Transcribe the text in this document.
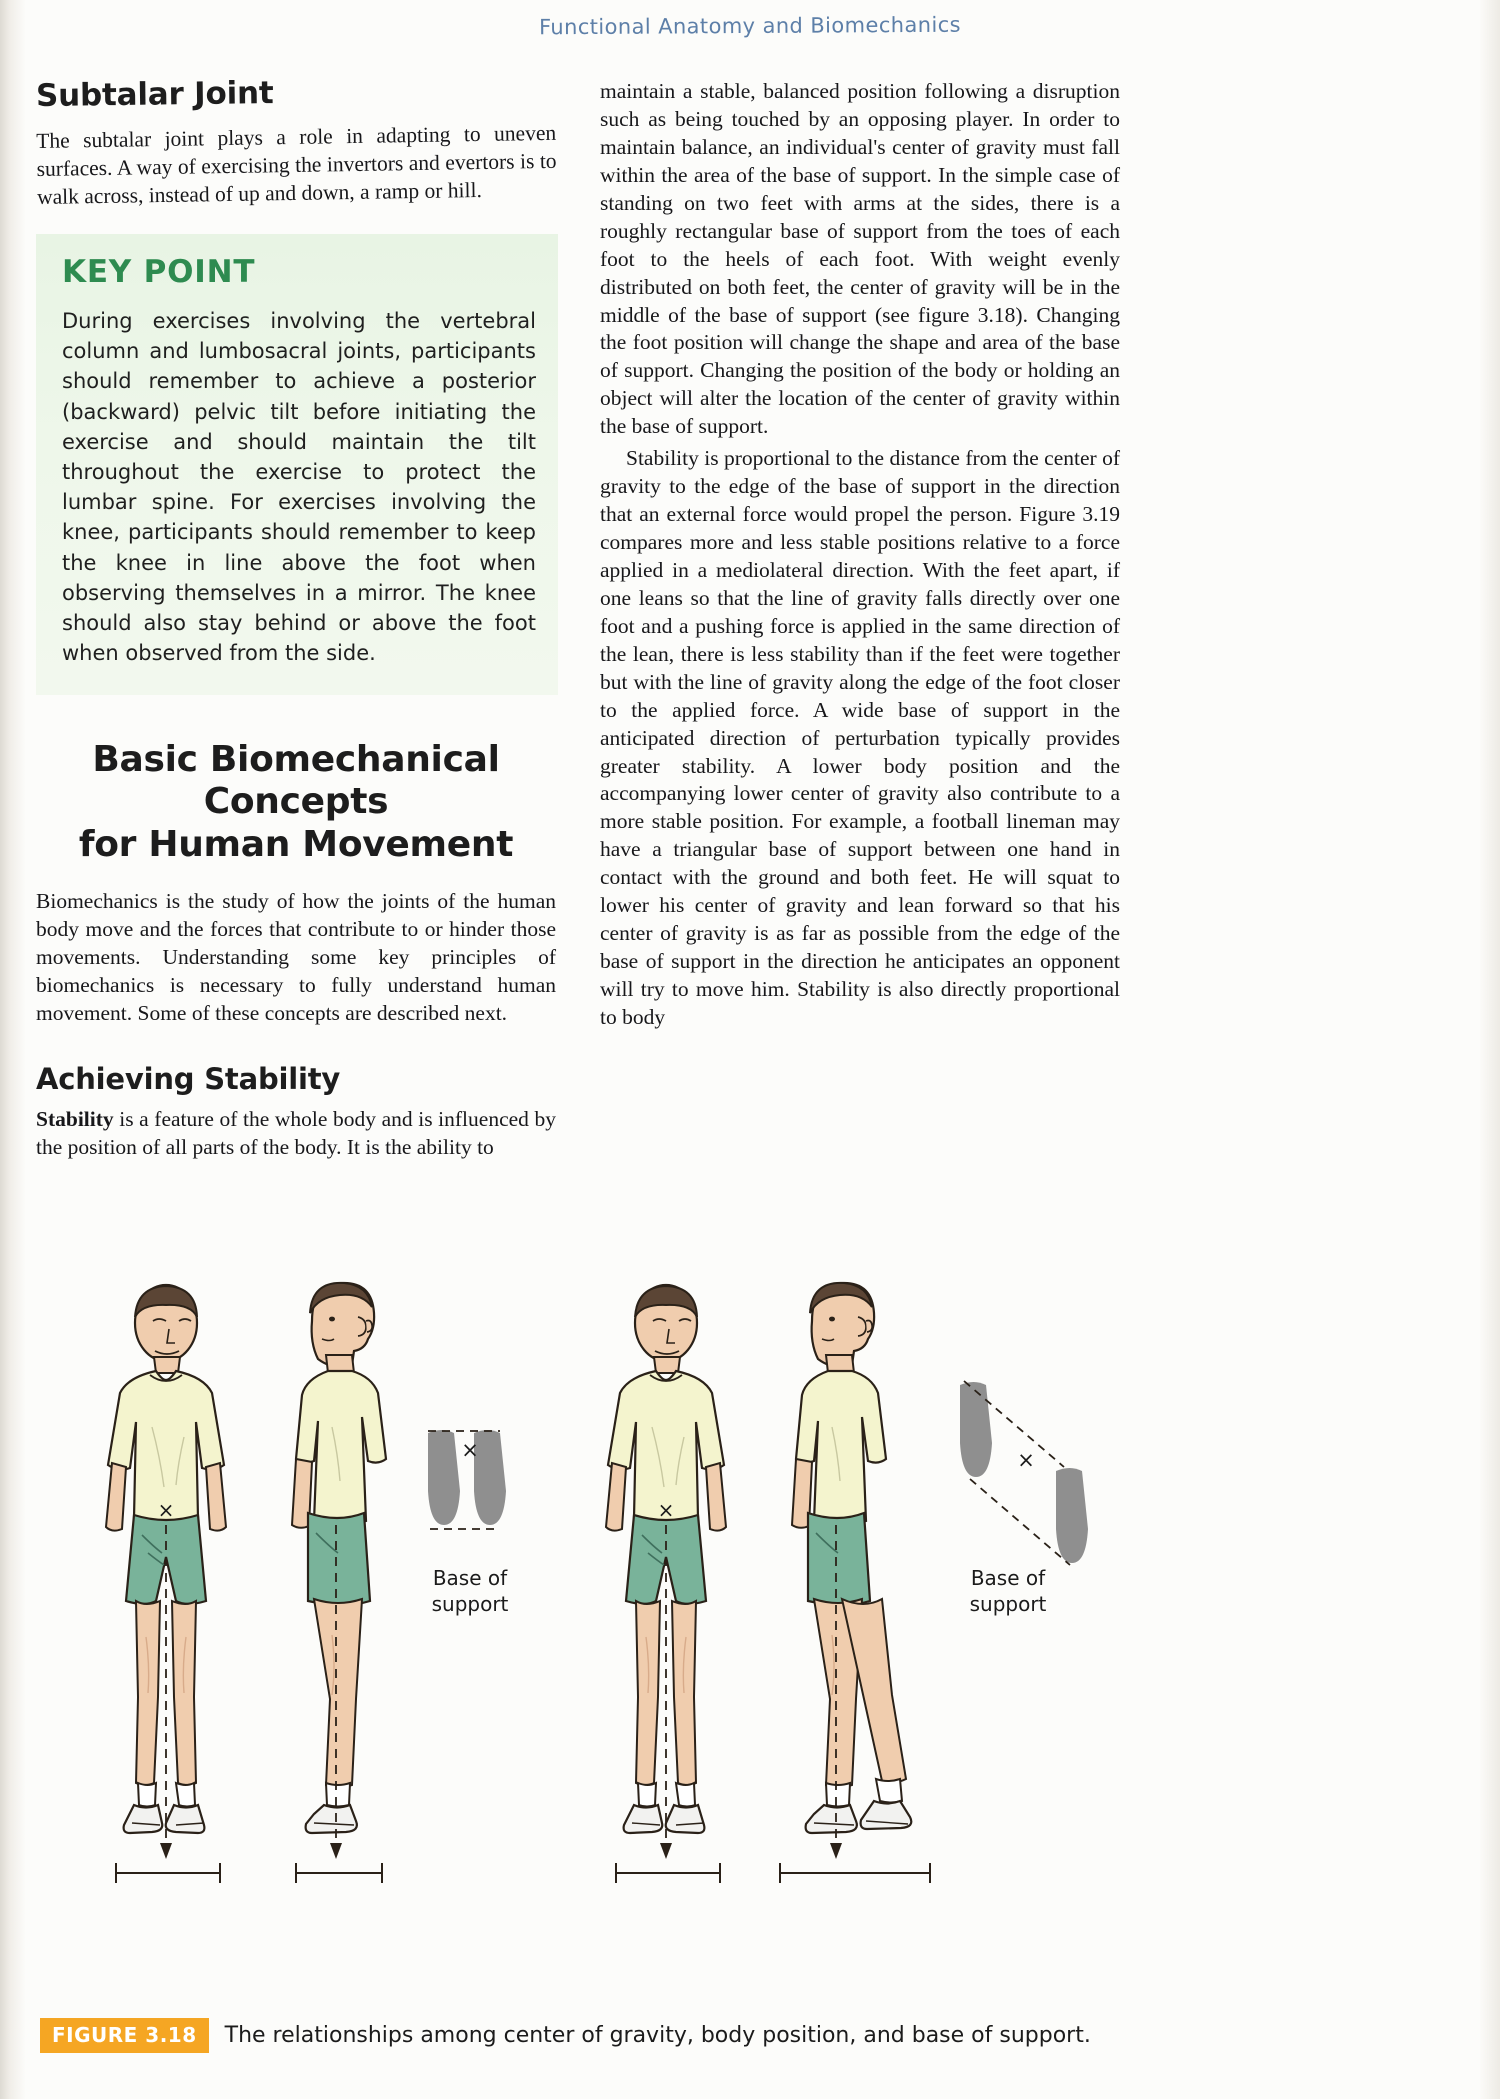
Functional Anatomy and Biomechanics
Subtalar Joint

The subtalar joint plays a role in adapting to uneven surfaces. A way of exercising the invertors and evertors is to walk across, instead of up and down, a ramp or hill.

KEY POINT

During exercises involving the vertebral column and lumbosacral joints, participants should remember to achieve a posterior (backward) pelvic tilt before initiating the exercise and should maintain the tilt throughout the exercise to protect the lumbar spine. For exercises involving the knee, participants should remember to keep the knee in line above the foot when observing themselves in a mirror. The knee should also stay behind or above the foot when observed from the side.

Basic Biomechanical Concepts
for Human Movement

Biomechanics is the study of how the joints of the human body move and the forces that contribute to or hinder those movements. Understanding some key principles of biomechanics is necessary to fully understand human movement. Some of these concepts are described next.

Achieving Stability

Stability is a feature of the whole body and is influenced by the position of all parts of the body. It is the ability to

maintain a stable, balanced position following a disruption such as being touched by an opposing player. In order to maintain balance, an individual's center of gravity must fall within the area of the base of support. In the simple case of standing on two feet with arms at the sides, there is a roughly rectangular base of support from the toes of each foot to the heels of each foot. With weight evenly distributed on both feet, the center of gravity will be in the middle of the base of support (see figure 3.18). Changing the foot position will change the shape and area of the base of support. Changing the position of the body or holding an object will alter the location of the center of gravity within the base of support.

Stability is proportional to the distance from the center of gravity to the edge of the base of support in the direction that an external force would propel the person. Figure 3.19 compares more and less stable positions relative to a force applied in a mediolateral direction. With the feet apart, if one leans so that the line of gravity falls directly over one foot and a pushing force is applied in the same direction of the lean, there is less stability than if the feet were together but with the line of gravity along the edge of the foot closer to the applied force. A wide base of support in the anticipated direction of perturbation typically provides greater stability. A lower body position and the accompanying lower center of gravity also contribute to a more stable position. For example, a football lineman may have a triangular base of support between one hand in contact with the ground and both feet. He will squat to lower his center of gravity and lean forward so that his center of gravity is as far as possible from the edge of the base of support in the direction he anticipates an opponent will try to move him. Stability is also directly proportional to body

×
×
Base of
support
×
×
Base of
support
FIGURE 3.18	The relationships among center of gravity, body position, and base of support.
